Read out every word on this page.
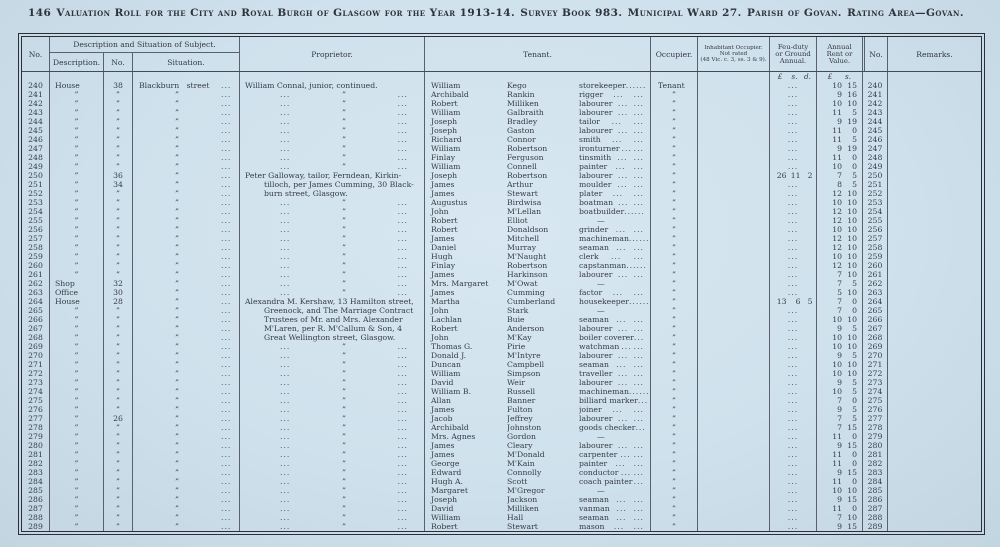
146 Valuation Roll for the City and Royal Burgh of Glasgow for the Year 1913-14. Survey Book 983. Municipal Ward 27. Parish of Govan. Rating Area—Govan.
No.
Description and Situation of Subject.
Description.	No.	Situation.
Proprietor.	Tenant.	Occupier.
Inhabitant Occupier.
Not rated
(48 Vic. c. 3, ss. 3 & 9).
Feu-duty
or Ground
Annual.
Annual
Rent or
Value.
No.	Remarks.
£	s. d.	£	s.
240	House	38	Blackburn street	...	William Connal, junior, continued.	William	Kego	storekeeper ... ...	Tenant	...	10 15	240
241	”	”	”	...	...	”	...	Archibald	Rankin	rigger ... ...	”	...	9 16	241
242	”	”	”	...	...	”	...	Robert	Milliken	labourer ... ...	”	...	10 10	242
243	”	”	”	...	...	”	...	William	Galbraith	labourer ... ...	”	...	11	5	243
244	”	”	”	...	...	”	...	Joseph	Bradley	tailor ... ...	”	...	9 19	244
245	”	”	”	...	...	”	...	Joseph	Gaston	labourer ... ...	”	...	11	0	245
246	”	”	”	...	...	”	...	Richard	Connor	smith ... ...	”	...	11	5	246
247	”	”	”	...	...	”	...	William	Robertson	ironturner ... ...	”	...	9 19	247
248	”	”	”	...	...	”	...	Finlay	Ferguson	tinsmith ... ...	”	...	11	0	248
249	”	”	”	...	...	”	...	William	Connell	painter ... ...	”	...	10	0	249
250	”	36	”	...	Peter Galloway, tailor, Ferndean, Kirkin-	Joseph	Robertson	labourer ... ...	”	26 11 2	7	5	250
251	”	34	”	...	tilloch, per James Cumming, 30 Black-	James	Arthur	moulder ... ...	”	...	8	5	251
252	”	”	”	...	burn street, Glasgow.	James	Stewart	plater ... ...	”	...	12 10	252
253	”	”	”	...	...	”	...	Augustus	Birdwisa	boatman ... ...	”	...	10 10	253
254	”	”	”	...	...	”	...	John	M'Lellan	boatbuilder ... ...	”	...	12 10	254
255	”	”	”	...	...	”	...	Robert	Elliot	—	”	...	12 10	255
256	”	”	”	...	...	”	...	Robert	Donaldson	grinder ... ...	”	...	10 10	256
257	”	”	”	...	...	”	...	James	Mitchell	machineman ... ...	”	...	12 10	257
258	”	”	”	...	...	”	...	Daniel	Murray	seaman ... ...	”	...	12 10	258
259	”	”	”	...	...	”	...	Hugh	M'Naught	clerk ... ...	”	...	10 10	259
260	”	”	”	...	...	”	...	Finlay	Robertson	capstanman ... ...	”	...	12 10	260
261	”	”	”	...	...	”	...	James	Harkinson	labourer ... ...	”	...	7 10	261
262	Shop	32	”	...	...	”	...	Mrs. Margaret	M'Owat	—	”	...	7	5	262
263	Office	30	”	...	...	”	...	James	Cumming	factor ... ...	”	...	5 10	263
264	House	28	”	...	Alexandra M. Kershaw, 13 Hamilton street,	Martha	Cumberland	housekeeper ... ...	”	13	6 5	7	0	264
265	”	”	”	...	Greenock, and The Marriage Contract	John	Stark	—	”	...	7	0	265
266	”	”	”	...	Trustees of Mr. and Mrs. Alexander	Lachlan	Buie	seaman ... ...	”	...	10 10	266
267	”	”	”	...	M'Laren, per R. M'Callum & Son, 4	Robert	Anderson	labourer ... ...	”	...	9	5	267
268	”	”	”	...	Great Wellington street, Glasgow.	John	M'Kay	boiler coverer ...	”	...	10 10	268
269	”	”	”	...	...	”	...	Thomas G.	Pirie	watchman ... ...	”	...	10 10	269
270	”	”	”	...	...	”	...	Donald J.	M'Intyre	labourer ... ...	”	...	9	5	270
271	”	”	”	...	...	”	...	Duncan	Campbell	seaman ... ...	”	...	10 10	271
272	”	”	”	...	...	”	...	William	Simpson	traveller ... ...	”	...	10 10	272
273	”	”	”	...	...	”	...	David	Weir	labourer ... ...	”	...	9	5	273
274	”	”	”	...	...	”	...	William B.	Russell	machineman ... ...	”	...	10	5	274
275	”	”	”	...	...	”	...	Allan	Banner	billiard marker ...	”	...	7	0	275
276	”	”	”	...	...	”	...	James	Fulton	joiner ... ...	”	...	9	5	276
277	”	26	”	...	...	”	...	Jacob	Jeffrey	labourer ... ...	”	...	7	5	277
278	”	”	”	...	...	”	...	Archibald	Johnston	goods checker ...	”	...	7 15	278
279	”	”	”	...	...	”	...	Mrs. Agnes	Gordon	—	”	...	11	0	279
280	”	”	”	...	...	”	...	James	Cleary	labourer ... ...	”	...	9 15	280
281	”	”	”	...	...	”	...	James	M'Donald	carpenter ... ...	”	...	11	0	281
282	”	”	”	...	...	”	...	George	M'Kain	painter ... ...	”	...	11	0	282
283	”	”	”	...	...	”	...	Edward	Connolly	conductor ... ...	”	...	9 15	283
284	”	”	”	...	...	”	...	Hugh A.	Scott	coach painter ...	”	...	11	0	284
285	”	”	”	...	...	”	...	Margaret	M'Gregor	—	”	...	10 10	285
286	”	”	”	...	...	”	...	Joseph	Jackson	seaman ... ...	”	...	9 15	286
287	”	”	”	...	...	”	...	David	Milliken	vanman ... ...	”	...	11	0	287
288	”	”	”	...	...	”	...	William	Hall	seaman ... ...	”	...	7 10	288
289	”	”	”	...	...	”	...	Robert	Stewart	mason ... ...	”	...	9 15	289
